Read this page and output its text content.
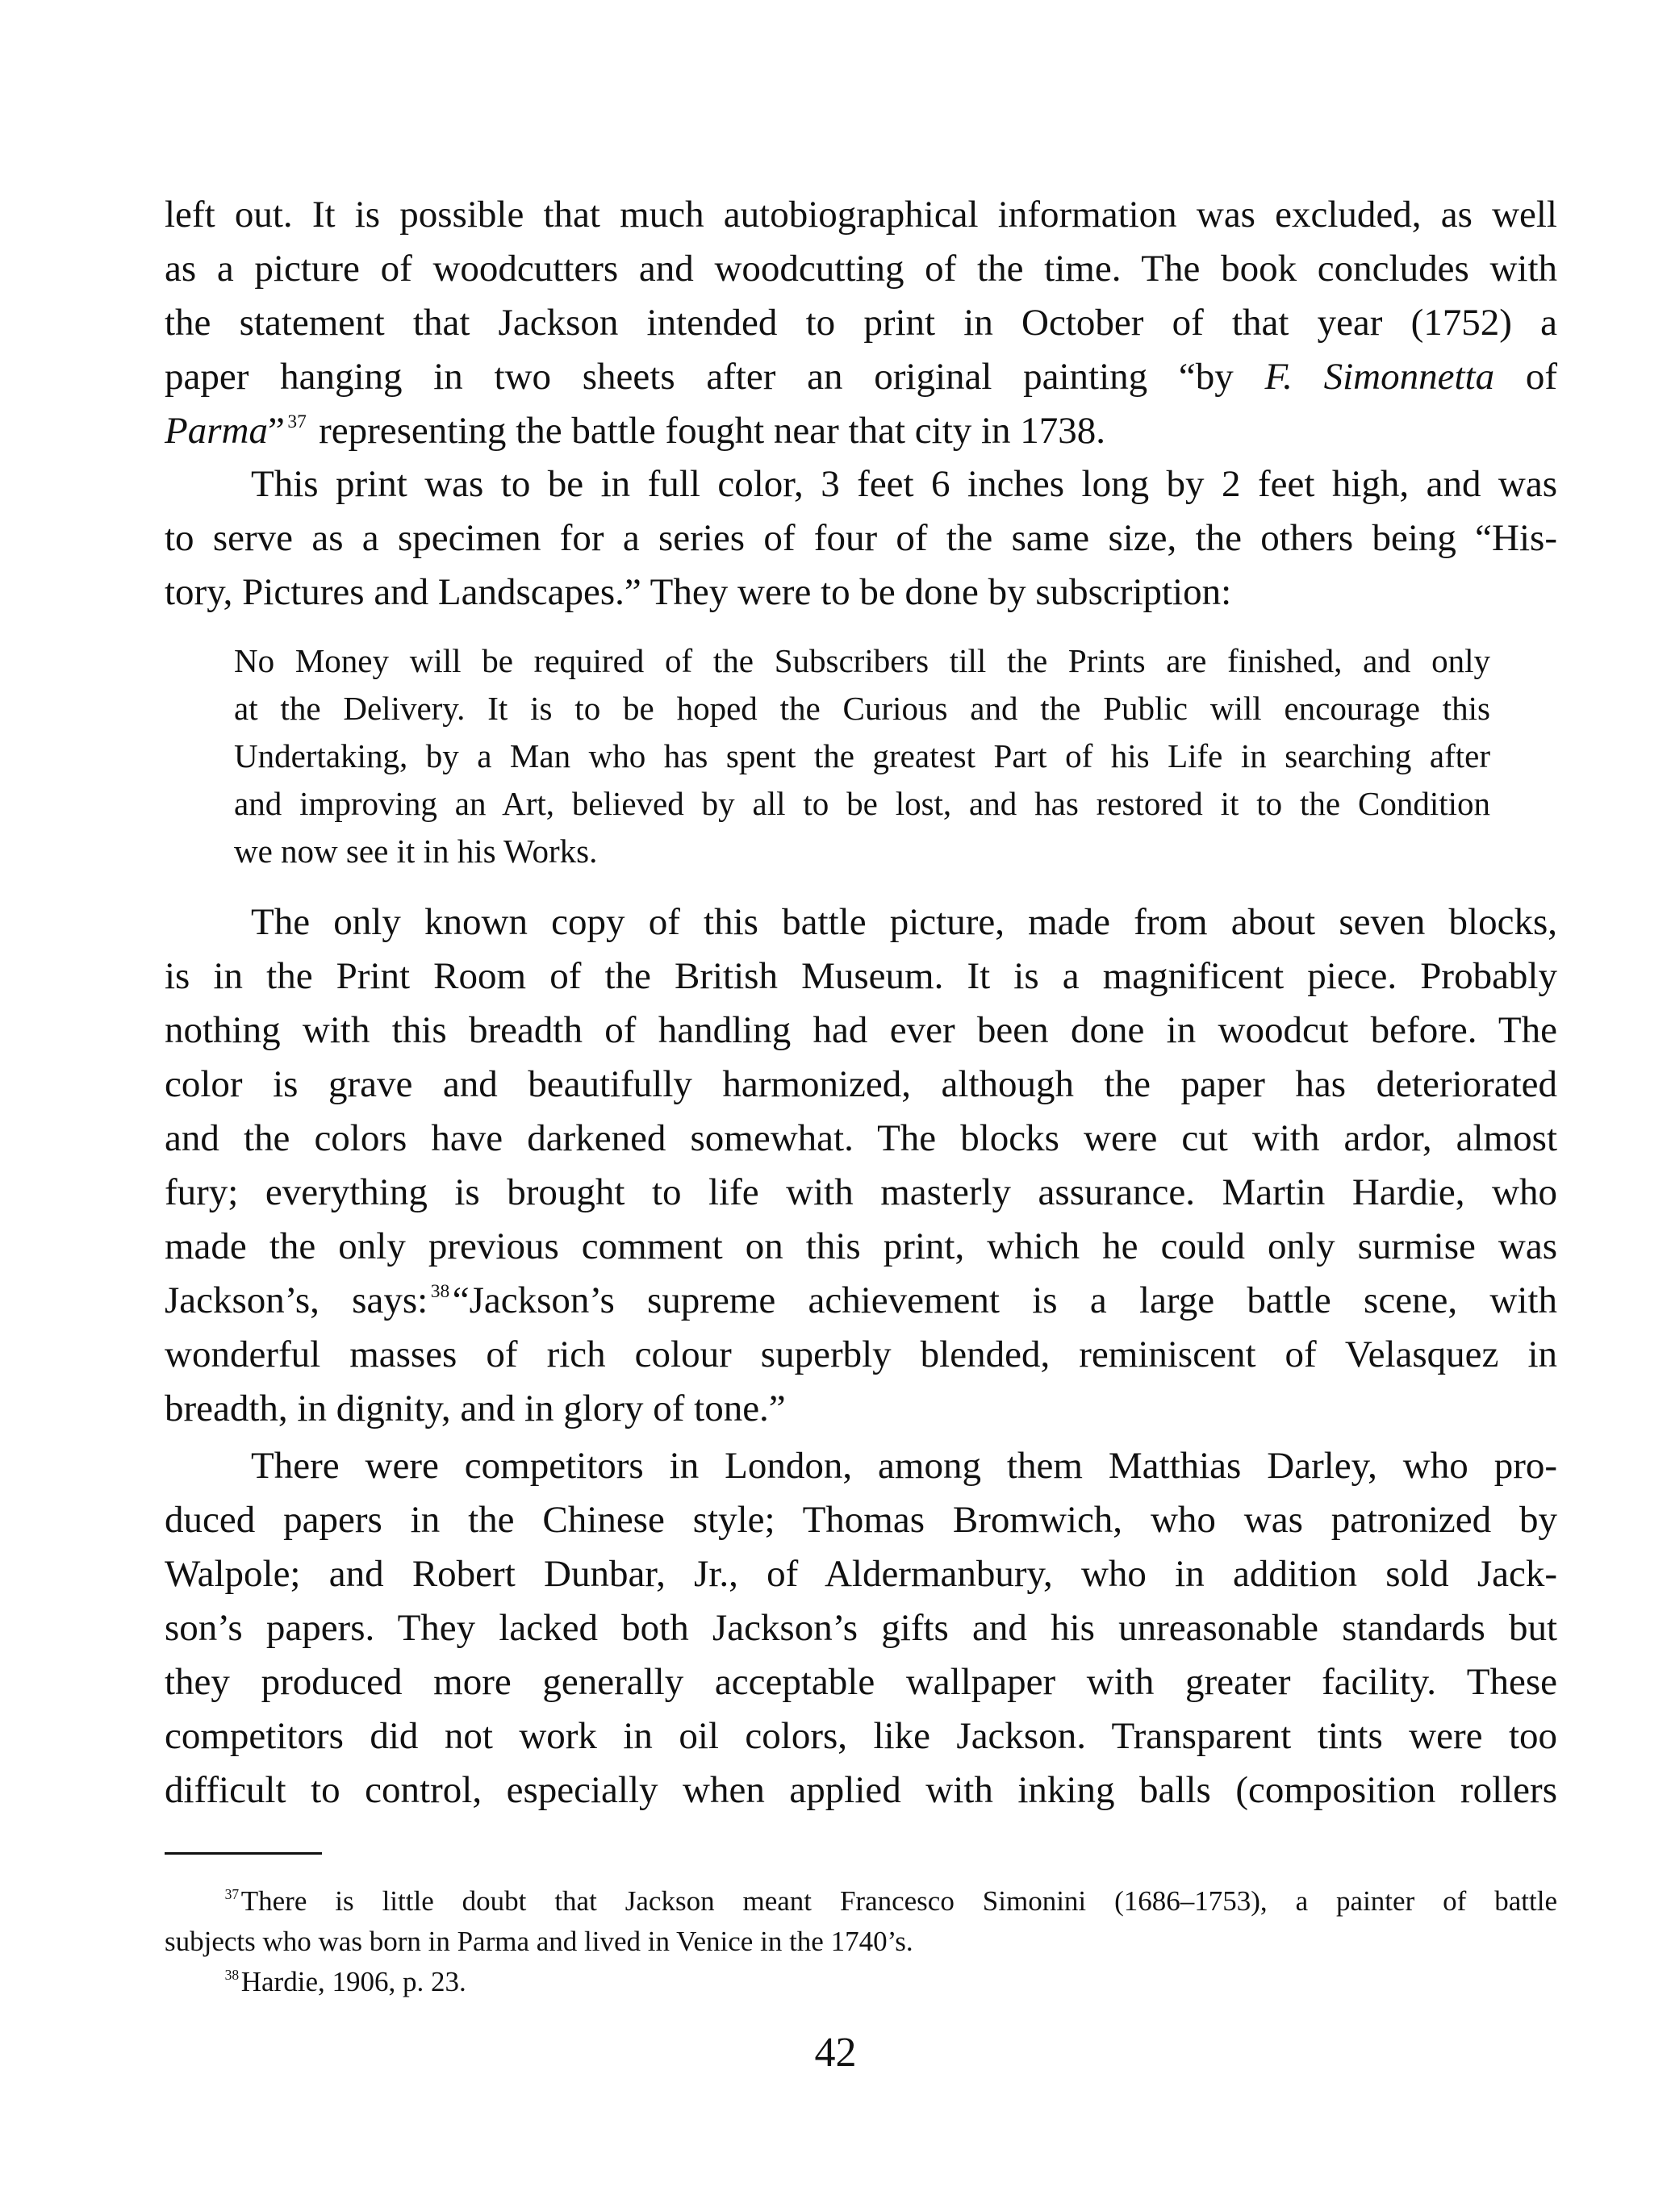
left out. It is possible that much autobiographical information was excluded, as well
as a picture of woodcutters and woodcutting of the time. The book concludes with
the statement that Jackson intended to print in October of that year (1752) a
paper hanging in two sheets after an original painting “by F. Simonnetta of
Parma” $^{37}$ representing the battle fought near that city in 1738.
This print was to be in full color, 3 feet 6 inches long by 2 feet high, and was
to serve as a specimen for a series of four of the same size, the others being “His-
tory, Pictures and Landscapes.” They were to be done by subscription:
No Money will be required of the Subscribers till the Prints are finished, and only
at the Delivery. It is to be hoped the Curious and the Public will encourage this
Undertaking, by a Man who has spent the greatest Part of his Life in searching after
and improving an Art, believed by all to be lost, and has restored it to the Condition
we now see it in his Works.
The only known copy of this battle picture, made from about seven blocks,
is in the Print Room of the British Museum. It is a magnificent piece. Probably
nothing with this breadth of handling had ever been done in woodcut before. The
color is grave and beautifully harmonized, although the paper has deteriorated
and the colors have darkened somewhat. The blocks were cut with ardor, almost
fury; everything is brought to life with masterly assurance. Martin Hardie, who
made the only previous comment on this print, which he could only surmise was
Jackson’s, says: $^{38}$“Jackson’s supreme achievement is a large battle scene, with
wonderful masses of rich colour superbly blended, reminiscent of Velasquez in
breadth, in dignity, and in glory of tone.”
There were competitors in London, among them Matthias Darley, who pro-
duced papers in the Chinese style; Thomas Bromwich, who was patronized by
Walpole; and Robert Dunbar, Jr., of Aldermanbury, who in addition sold Jack-
son’s papers. They lacked both Jackson’s gifts and his unreasonable standards but
they produced more generally acceptable wallpaper with greater facility. These
competitors did not work in oil colors, like Jackson. Transparent tints were too
difficult to control, especially when applied with inking balls (composition rollers
$^{37}$There is little doubt that Jackson meant Francesco Simonini (1686–1753), a painter of battle
subjects who was born in Parma and lived in Venice in the 1740’s.
$^{38}$Hardie, 1906, p. 23.
42
